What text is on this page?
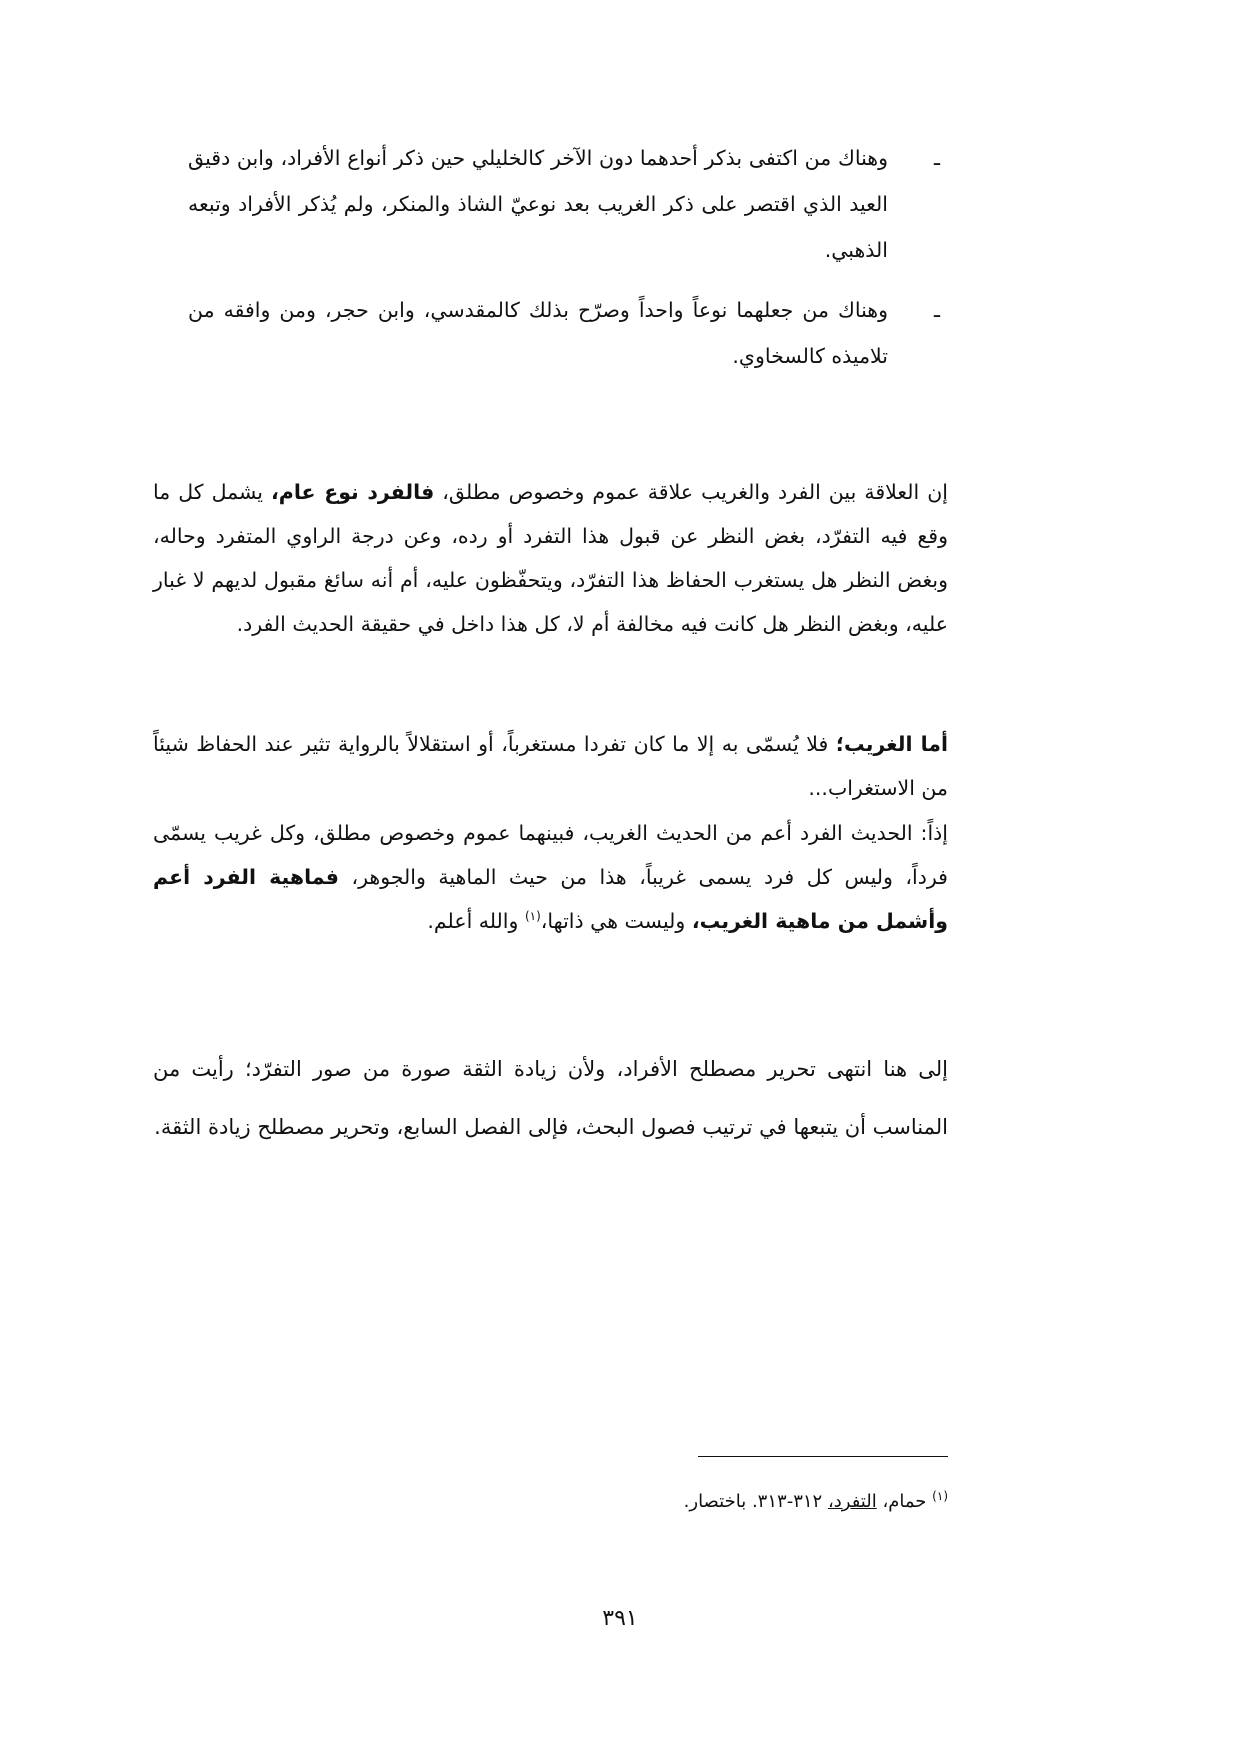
ـ
وهناك من اكتفى بذكر أحدهما دون الآخر كالخليلي حين ذكر أنواع الأفراد، وابن دقيق العيد الذي اقتصر على ذكر الغريب بعد نوعيّ الشاذ والمنكر، ولم يُذكر الأفراد وتبعه الذهبي.

ـ
وهناك من جعلهما نوعاً واحداً وصرّح بذلك كالمقدسي، وابن حجر، ومن وافقه من تلاميذه كالسخاوي.

إن العلاقة بين الفرد والغريب علاقة عموم وخصوص مطلق، فالفرد نوع عام، يشمل كل ما وقع فيه التفرّد، بغض النظر عن قبول هذا التفرد أو رده، وعن درجة الراوي المتفرد وحاله، وبغض النظر هل يستغرب الحفاظ هذا التفرّد، ويتحفّظون عليه، أم أنه سائغ مقبول لديهم لا غبار عليه، وبغض النظر هل كانت فيه مخالفة أم لا، كل هذا داخل في حقيقة الحديث الفرد.

أما الغريب؛ فلا يُسمّى به إلا ما كان تفردا مستغرباً، أو استقلالاً بالرواية تثير عند الحفاظ شيئاً من الاستغراب...

إذاً: الحديث الفرد أعم من الحديث الغريب، فبينهما عموم وخصوص مطلق، وكل غريب يسمّى فرداً، وليس كل فرد يسمى غريباً، هذا من حيث الماهية والجوهر، فماهية الفرد أعم وأشمل من ماهية الغريب، وليست هي ذاتها،$^{(١)}$ والله أعلم.

إلى هنا انتهى تحرير مصطلح الأفراد، ولأن زيادة الثقة صورة من صور التفرّد؛ رأيت من المناسب أن يتبعها في ترتيب فصول البحث، فإلى الفصل السابع، وتحرير مصطلح زيادة الثقة.

$^{(١)}$ حمام، التفرد، ٣١٢-٣١٣. باختصار.
٣٩١
